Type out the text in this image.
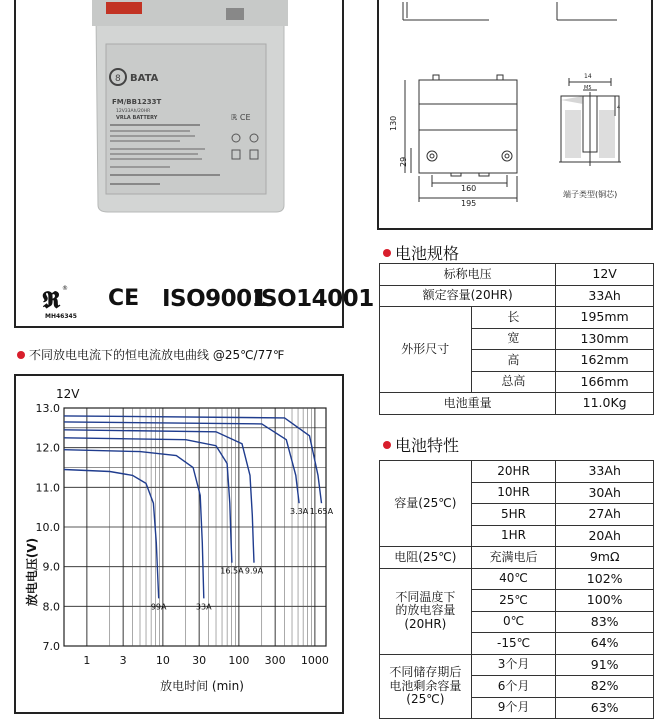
8 BATA
FM/BB1233T
12V33Ah/20HR
VRLA BATTERY	ℝ CE
𝕽 ®
MH46345
CE ISO9001
ISO14001
130
29
160
195
14
M5
4
端子类型(铜芯)
电池规格
标称电压		12V
额定容量(20HR)		33Ah
外形尺寸	长	195mm
	宽	130mm
	高	162mm
	总高	166mm
电池重量		11.0Kg
电池特性
容量(25℃)	20HR	33Ah
	10HR	30Ah
	5HR	27Ah
	1HR	20Ah
电阻(25℃)	充满电后	9mΩ

不同温度下
的放电容量
(20HR)	40℃	102%
	25℃	100%
	0℃	83%
	-15℃	64%

不同储存期后
电池剩余容量
(25℃)	3个月	91%
	6个月	82%
	9个月	63%
不同放电电流下的恒电流放电曲线 @25℃/77℉
12V
放电电压(V)
放电时间 (min)
7.0
8.0
9.0
10.0
11.0
12.0
13.0
1	3	10 30 100 300 1000
99A	33A
16.5A 9.9A
3.3A 1.65A
